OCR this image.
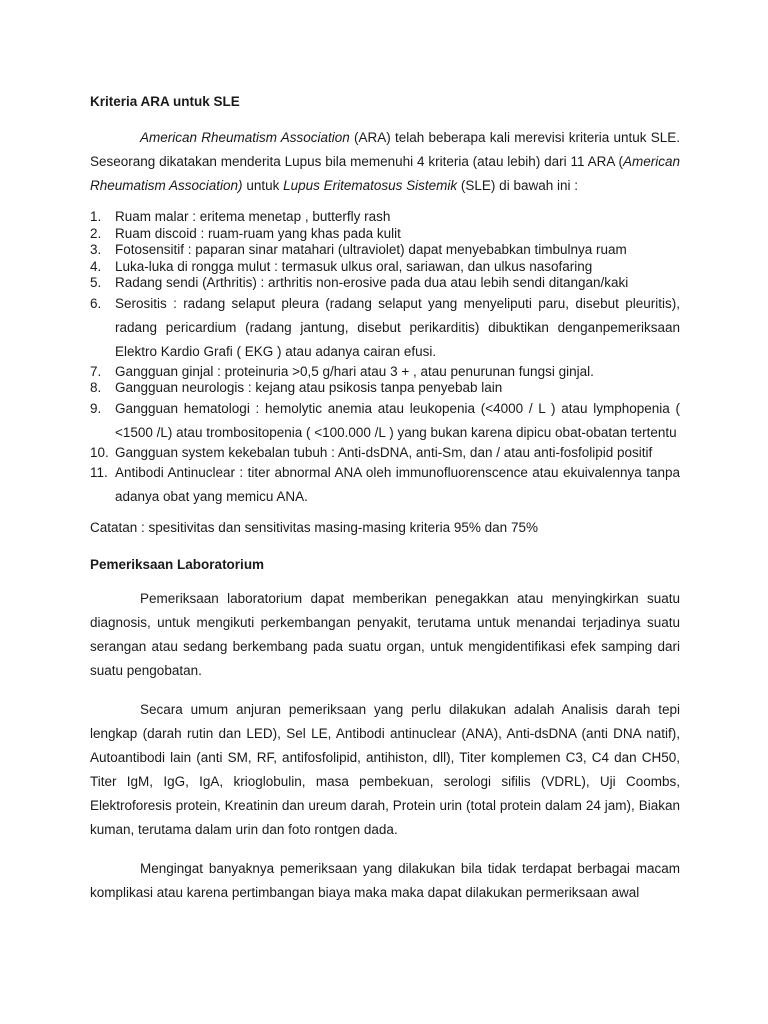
Kriteria ARA untuk SLE

American Rheumatism Association (ARA) telah beberapa kali merevisi kriteria untuk SLE. Seseorang dikatakan menderita Lupus bila memenuhi 4 kriteria (atau lebih) dari 11 ARA (American Rheumatism Association) untuk Lupus Eritematosus Sistemik (SLE) di bawah ini :

1. Ruam malar : eritema menetap , butterfly rash
2. Ruam discoid : ruam-ruam yang khas pada kulit
3. Fotosensitif : paparan sinar matahari (ultraviolet) dapat menyebabkan timbulnya ruam
4. Luka-luka di rongga mulut : termasuk ulkus oral, sariawan, dan ulkus nasofaring
5. Radang sendi (Arthritis) : arthritis non-erosive pada dua atau lebih sendi ditangan/kaki
6. Serositis : radang selaput pleura (radang selaput yang menyeliputi paru, disebut pleuritis), radang pericardium (radang jantung, disebut perikarditis) dibuktikan denganpemeriksaan Elektro Kardio Grafi ( EKG ) atau adanya cairan efusi.
7. Gangguan ginjal : proteinuria >0,5 g/hari atau 3 + , atau penurunan fungsi ginjal.
8. Gangguan neurologis : kejang atau psikosis tanpa penyebab lain
9. Gangguan hematologi : hemolytic anemia atau leukopenia (<4000 / L ) atau lymphopenia ( <1500 /L) atau trombositopenia ( <100.000 /L ) yang bukan karena dipicu obat-obatan tertentu
10. Gangguan system kekebalan tubuh : Anti-dsDNA, anti-Sm, dan / atau anti-fosfolipid positif
11. Antibodi Antinuclear : titer abnormal ANA oleh immunofluorenscence atau ekuivalennya tanpa adanya obat yang memicu ANA.

Catatan : spesitivitas dan sensitivitas masing-masing kriteria 95% dan 75%

Pemeriksaan Laboratorium

Pemeriksaan laboratorium dapat memberikan penegakkan atau menyingkirkan suatu diagnosis, untuk mengikuti perkembangan penyakit, terutama untuk menandai terjadinya suatu serangan atau sedang berkembang pada suatu organ, untuk mengidentifikasi efek samping dari suatu pengobatan.

Secara umum anjuran pemeriksaan yang perlu dilakukan adalah Analisis darah tepi lengkap (darah rutin dan LED), Sel LE, Antibodi antinuclear (ANA), Anti-dsDNA (anti DNA natif), Autoantibodi lain (anti SM, RF, antifosfolipid, antihiston, dll), Titer komplemen C3, C4 dan CH50, Titer IgM, IgG, IgA, krioglobulin, masa pembekuan, serologi sifilis (VDRL), Uji Coombs, Elektroforesis protein, Kreatinin dan ureum darah, Protein urin (total protein dalam 24 jam), Biakan kuman, terutama dalam urin dan foto rontgen dada.

Mengingat banyaknya pemeriksaan yang dilakukan bila tidak terdapat berbagai macam komplikasi atau karena pertimbangan biaya maka maka dapat dilakukan permeriksaan awal
